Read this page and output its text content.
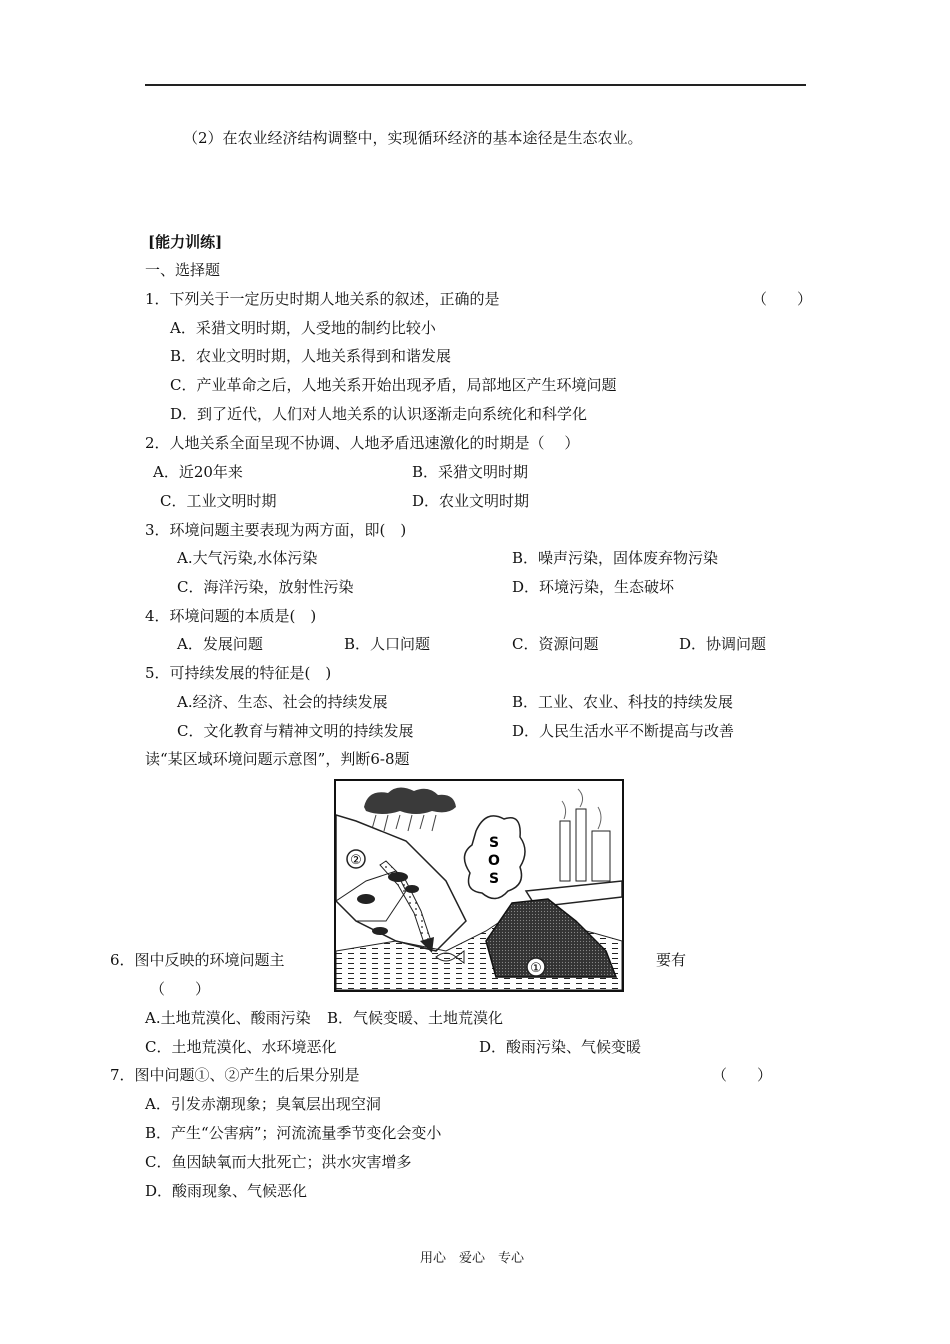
（2）在农业经济结构调整中，实现循环经济的基本途径是生态农业。
[能力训练]
一、选择题
1．下列关于一定历史时期人地关系的叙述，正确的是	（　　）
A．采猎文明时期，人受地的制约比较小
B．农业文明时期，人地关系得到和谐发展
C．产业革命之后，人地关系开始出现矛盾，局部地区产生环境问题
D．到了近代，人们对人地关系的认识逐渐走向系统化和科学化
2．人地关系全面呈现不协调、人地矛盾迅速激化的时期是（　 ）
A．近20年来	B．采猎文明时期
C．工业文明时期	D．农业文明时期
3．环境问题主要表现为两方面，即(　)
A.大气污染,水体污染	B．噪声污染，固体废弃物污染
C．海洋污染，放射性污染	D．环境污染，生态破坏
4．环境问题的本质是(　)
A．发展问题	B．人口问题	C．资源问题	D．协调问题
5．可持续发展的特征是(　)
A.经济、生态、社会的持续发展	B．工业、农业、科技的持续发展
C．文化教育与精神文明的持续发展	D．人民生活水平不断提高与改善
读“某区域环境问题示意图”，判断6-8题
②
S
O
S
①
6．图中反映的环境问题主	要有
（　　）
A.土地荒漠化、酸雨污染 B．气候变暖、土地荒漠化
C．土地荒漠化、水环境恶化	D．酸雨污染、气候变暖
7．图中问题①、②产生的后果分别是	（　　）
A．引发赤潮现象；臭氧层出现空洞
B．产生“公害病”；河流流量季节变化会变小
C．鱼因缺氧而大批死亡；洪水灾害增多
D．酸雨现象、气候恶化
用心　爱心　专心
